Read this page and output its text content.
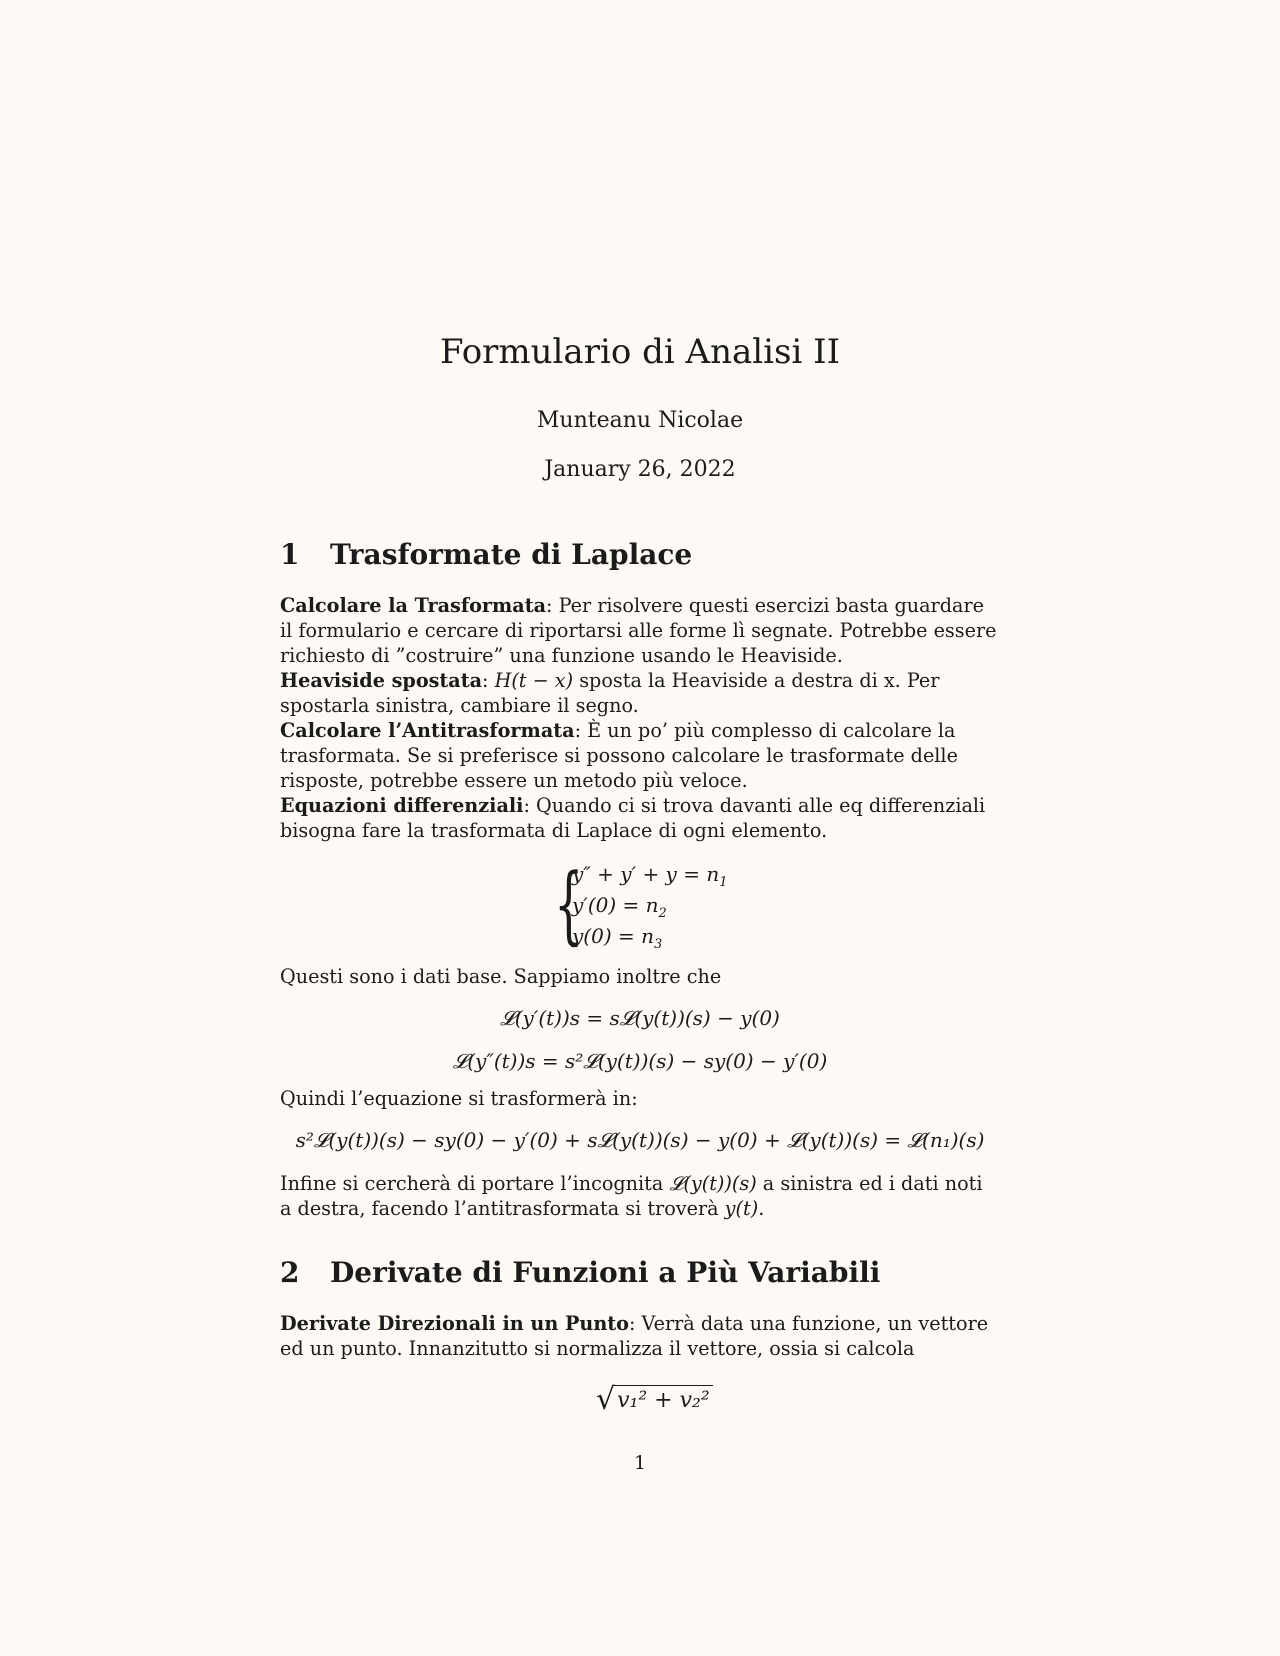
Formulario di Analisi II
Munteanu Nicolae
January 26, 2022
1 Trasformate di Laplace

Calcolare la Trasformata: Per risolvere questi esercizi basta guardare il formulario e cercare di riportarsi alle forme lì segnate. Potrebbe essere richiesto di ”costruire” una funzione usando le Heaviside.
Heaviside spostata: H(t − x) sposta la Heaviside a destra di x. Per spostarla sinistra, cambiare il segno.
Calcolare l’Antitrasformata: È un po’ più complesso di calcolare la trasformata. Se si preferisce si possono calcolare le trasformate delle risposte, potrebbe essere un metodo più veloce.
Equazioni differenziali: Quando ci si trova davanti alle eq differenziali bisogna fare la trasformata di Laplace di ogni elemento.

{
$y'' + y' + y = n_1$
$y'(0) = n_2$
$y(0) = n_3$

Questi sono i dati base. Sappiamo inoltre che

𝓛(y′(t))s = s𝓛(y(t))(s) − y(0)
𝓛(y″(t))s = s²𝓛(y(t))(s) − sy(0) − y′(0)

Quindi l’equazione si trasformerà in:

s²𝓛(y(t))(s) − sy(0) − y′(0) + s𝓛(y(t))(s) − y(0) + 𝓛(y(t))(s) = 𝓛(n₁)(s)

Infine si cercherà di portare l’incognita 𝓛(y(t))(s) a sinistra ed i dati noti a destra, facendo l’antitrasformata si troverà y(t).

2 Derivate di Funzioni a Più Variabili

Derivate Direzionali in un Punto: Verrà data una funzione, un vettore ed un punto. Innanzitutto si normalizza il vettore, ossia si calcola

√v₁² + v₂²
1
